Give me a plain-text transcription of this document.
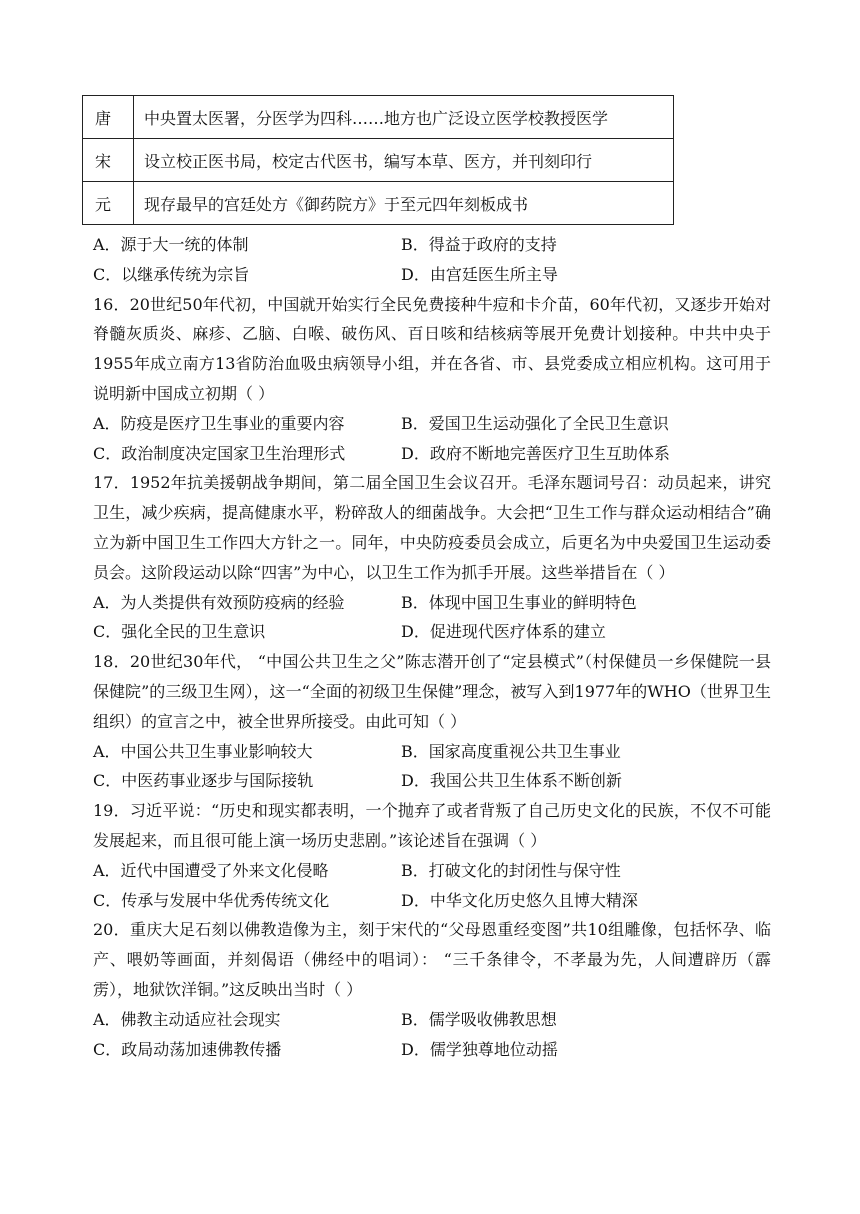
唐	中央置太医署，分医学为四科……地方也广泛设立医学校教授医学
宋	设立校正医书局，校定古代医书，编写本草、医方，并刊刻印行
元	现存最早的宫廷处方《御药院方》于至元四年刻板成书
A．源于大一统的体制	B．得益于政府的支持
C．以继承传统为宗旨	D．由宫廷医生所主导
16．20世纪50年代初，中国就开始实行全民免费接种牛痘和卡介苗，60年代初，又逐步开始对脊髓灰质炎、麻疹、乙脑、白喉、破伤风、百日咳和结核病等展开免费计划接种。中共中央于1955年成立南方13省防治血吸虫病领导小组，并在各省、市、县党委成立相应机构。这可用于说明新中国成立初期（ ）
A．防疫是医疗卫生事业的重要内容	B．爱国卫生运动强化了全民卫生意识
C．政治制度决定国家卫生治理形式	D．政府不断地完善医疗卫生互助体系
17．1952年抗美援朝战争期间，第二届全国卫生会议召开。毛泽东题词号召：动员起来，讲究卫生，减少疾病，提高健康水平，粉碎敌人的细菌战争。大会把“卫生工作与群众运动相结合”确立为新中国卫生工作四大方针之一。同年，中央防疫委员会成立，后更名为中央爱国卫生运动委员会。这阶段运动以除“四害”为中心，以卫生工作为抓手开展。这些举措旨在（ ）
A．为人类提供有效预防疫病的经验	B．体现中国卫生事业的鲜明特色
C．强化全民的卫生意识	D．促进现代医疗体系的建立
18．20世纪30年代， “中国公共卫生之父”陈志潜开创了“定县模式”（村保健员一乡保健院一县保健院”的三级卫生网），这一“全面的初级卫生保健”理念，被写入到1977年的WHO（世界卫生组织）的宣言之中，被全世界所接受。由此可知（ ）
A．中国公共卫生事业影响较大	B．国家高度重视公共卫生事业
C．中医药事业逐步与国际接轨	D．我国公共卫生体系不断创新
19．习近平说：“历史和现实都表明，一个抛弃了或者背叛了自己历史文化的民族，不仅不可能发展起来，而且很可能上演一场历史悲剧。”该论述旨在强调（ ）
A．近代中国遭受了外来文化侵略	B．打破文化的封闭性与保守性
C．传承与发展中华优秀传统文化	D．中华文化历史悠久且博大精深
20．重庆大足石刻以佛教造像为主，刻于宋代的“父母恩重经变图”共10组雕像，包括怀孕、临产、喂奶等画面，并刻偈语（佛经中的唱词）： “三千条律令，不孝最为先，人间遭辟历（霹雳），地狱饮洋铜。”这反映出当时（ ）
A．佛教主动适应社会现实	B．儒学吸收佛教思想
C．政局动荡加速佛教传播	D．儒学独尊地位动摇
